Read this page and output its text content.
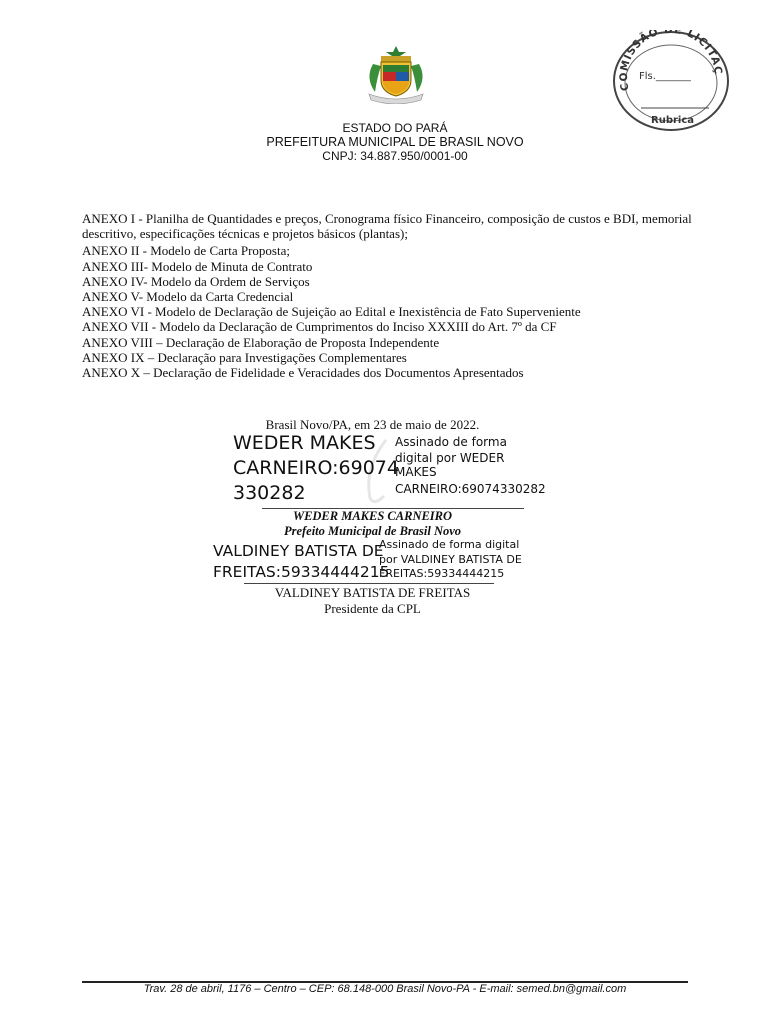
COMISSÃO E LICITAÇ
Fls._______
Rubrica
ESTADO DO PARÁ
PREFEITURA MUNICIPAL DE BRASIL NOVO
CNPJ: 34.887.950/0001-00
ANEXO I - Planilha de Quantidades e preços, Cronograma físico Financeiro, composição de custos e BDI, memorial descritivo, especificações técnicas e projetos básicos (plantas);
ANEXO II - Modelo de Carta Proposta;
ANEXO III- Modelo de Minuta de Contrato
ANEXO IV- Modelo da Ordem de Serviços
ANEXO V- Modelo da Carta Credencial
ANEXO VI - Modelo de Declaração de Sujeição ao Edital e Inexistência de Fato Superveniente
ANEXO VII - Modelo da Declaração de Cumprimentos do Inciso XXXIII do Art. 7º da CF
ANEXO VIII – Declaração de Elaboração de Proposta Independente
ANEXO IX – Declaração para Investigações Complementares
ANEXO X – Declaração de Fidelidade e Veracidades dos Documentos Apresentados
Brasil Novo/PA, em 23 de maio de 2022.
WEDER MAKES
CARNEIRO:69074
330282
Assinado de forma
digital por WEDER
MAKES
CARNEIRO:69074330282
WEDER MAKES CARNEIRO
Prefeito Municipal de Brasil Novo
VALDINEY BATISTA DE
FREITAS:59334444215
Assinado de forma digital
por VALDINEY BATISTA DE
FREITAS:59334444215
VALDINEY BATISTA DE FREITAS
Presidente da CPL
Trav. 28 de abril, 1176 – Centro – CEP: 68.148-000 Brasil Novo-PA - E-mail: semed.bn@gmail.com
